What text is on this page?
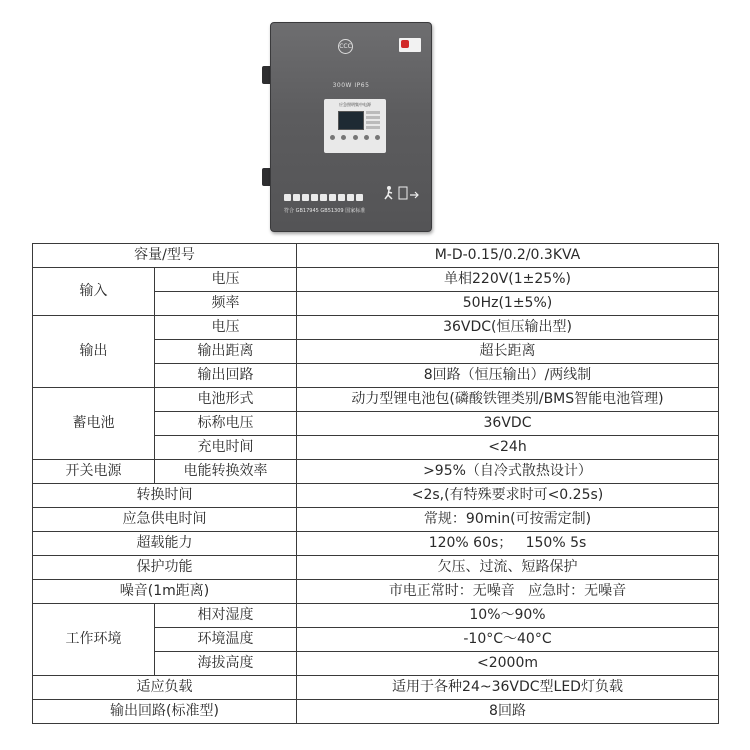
CCC
300W IP65
应急照明集中电源
符合 GB17945 GB51309 国家标准
容量/型号		M-D-0.15/0.2/0.3KVA
输入	电压	单相220V(1±25%)
	频率	50Hz(1±5%)
输出	电压	36VDC(恒压输出型)
	输出距离	超长距离
	输出回路	8回路（恒压输出）/两线制
蓄电池	电池形式	动力型锂电池包(磷酸铁锂类别/BMS智能电池管理)
	标称电压	36VDC
	充电时间	<24h
开关电源	电能转换效率	>95%（自冷式散热设计）
转换时间		<2s,(有特殊要求时可<0.25s)
应急供电时间		常规：90min(可按需定制)
超载能力		120% 60s；   150% 5s
保护功能		欠压、过流、短路保护
噪音(1m距离)		市电正常时：无噪音   应急时：无噪音
工作环境	相对湿度	10%～90%
	环境温度	-10°C～40°C
	海拔高度	<2000m
适应负载		适用于各种24~36VDC型LED灯负载
输出回路(标准型)		8回路
